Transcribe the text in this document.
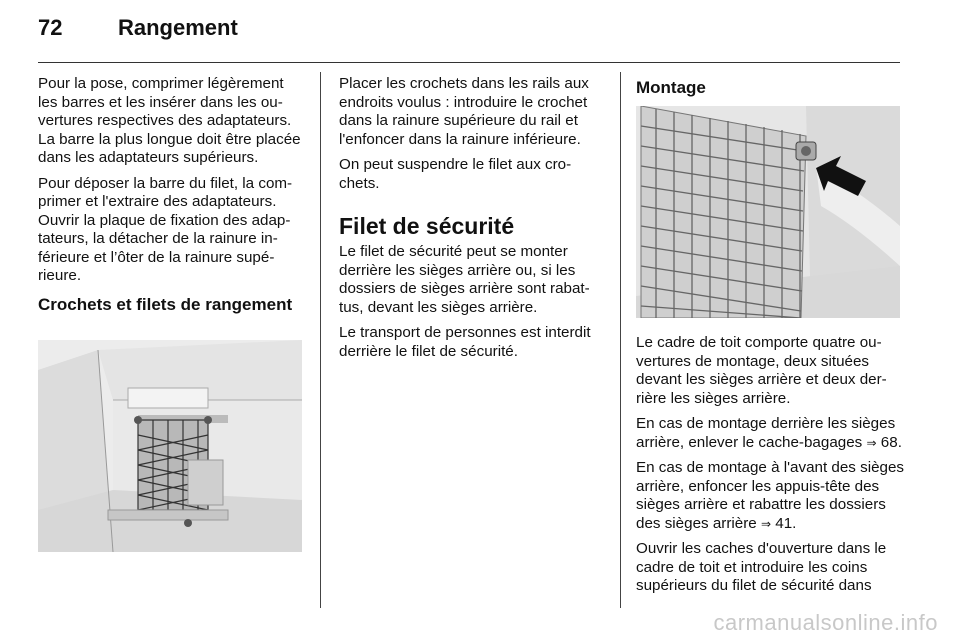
72	Rangement

Pour la pose, comprimer légèrement les barres et les insérer dans les ouvertures respectives des adaptateurs. La barre la plus longue doit être placée dans les adaptateurs supérieurs.

Pour déposer la barre du filet, la comprimer et l'extraire des adaptateurs. Ouvrir la plaque de fixation des adaptateurs, la détacher de la rainure inférieure et l’ôter de la rainure supérieure.

Crochets et filets de rangement

Placer les crochets dans les rails aux endroits voulus : introduire le crochet dans la rainure supérieure du rail et l'enfoncer dans la rainure inférieure.

On peut suspendre le filet aux crochets.

Filet de sécurité

Le filet de sécurité peut se monter derrière les sièges arrière ou, si les dossiers de sièges arrière sont rabattus, devant les sièges arrière.

Le transport de personnes est interdit derrière le filet de sécurité.

Montage

Le cadre de toit comporte quatre ouvertures de montage, deux situées devant les sièges arrière et deux derrière les sièges arrière.

En cas de montage derrière les sièges arrière, enlever le cache-bagages ⇒ 68.

En cas de montage à l'avant des sièges arrière, enfoncer les appuis-tête des sièges arrière et rabattre les dossiers des sièges arrière ⇒ 41.

Ouvrir les caches d'ouverture dans le cadre de toit et introduire les coins supérieurs du filet de sécurité dans

carmanualsonline.info
